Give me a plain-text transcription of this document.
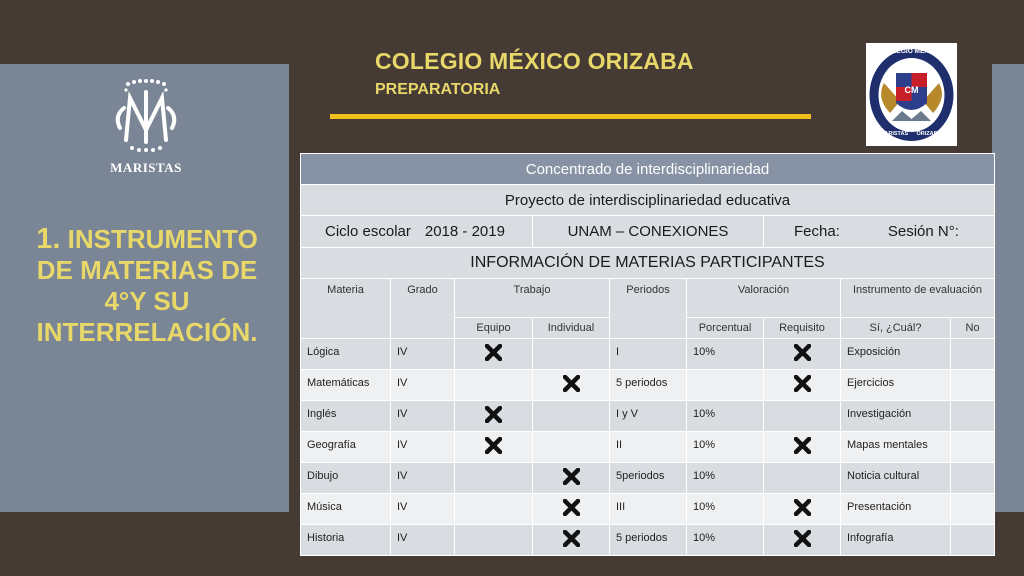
MARISTAS
1. INSTRUMENTO DE MATERIAS DE 4°Y SU INTERRELACIÓN.
COLEGIO MÉXICO ORIZABA
PREPARATORIA
COLEGIO MÉXICO
CM
MARISTAS ORIZABA
Concentrado de interdisciplinariedad								
Proyecto de interdisciplinariedad educativa								
Ciclo escolar 2018 - 2019			UNAM – CONEXIONES			Fecha: Sesión N°:		
INFORMACIÓN DE MATERIAS PARTICIPANTES								
Materia	Grado	Trabajo		Periodos	Valoración		Instrumento de evaluación	
		Equipo	Individual		Porcentual	Requisito	Sí, ¿Cuál?	No
Lógica	IV			I	10%		Exposición	
Matemáticas	IV			5 periodos			Ejercicios	
Inglés	IV			I y V	10%		Investigación	
Geografía	IV			II	10%		Mapas mentales	
Dibujo	IV			5periodos	10%		Noticia cultural	
Música	IV			III	10%		Presentación	
Historia	IV			5 periodos	10%		Infografía	
